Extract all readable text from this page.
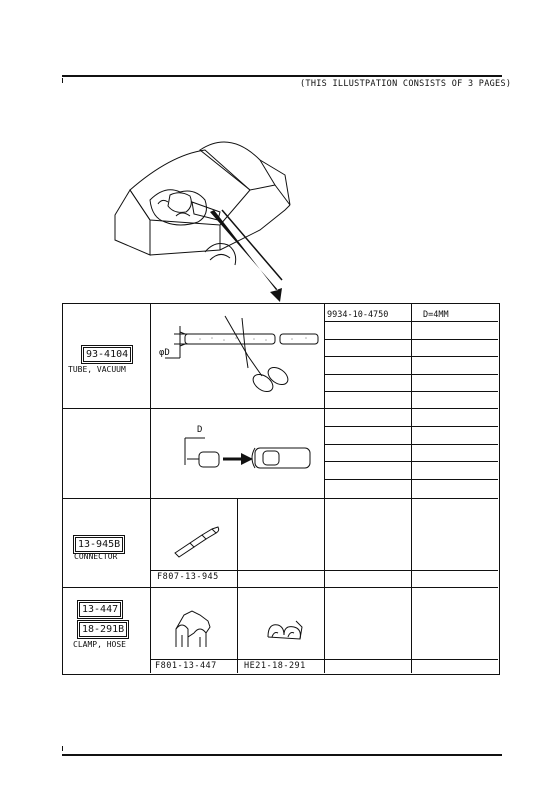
(THIS ILLUSTPATION CONSISTS OF 3 PAGES)
9934-10-4750	D=4MM
93-4104
TUBE, VACUUM
φD
D
13-945B
CONNECTOR
F807-13-945
13-447
18-291B
CLAMP, HOSE
F801-13-447	HE21-18-291
